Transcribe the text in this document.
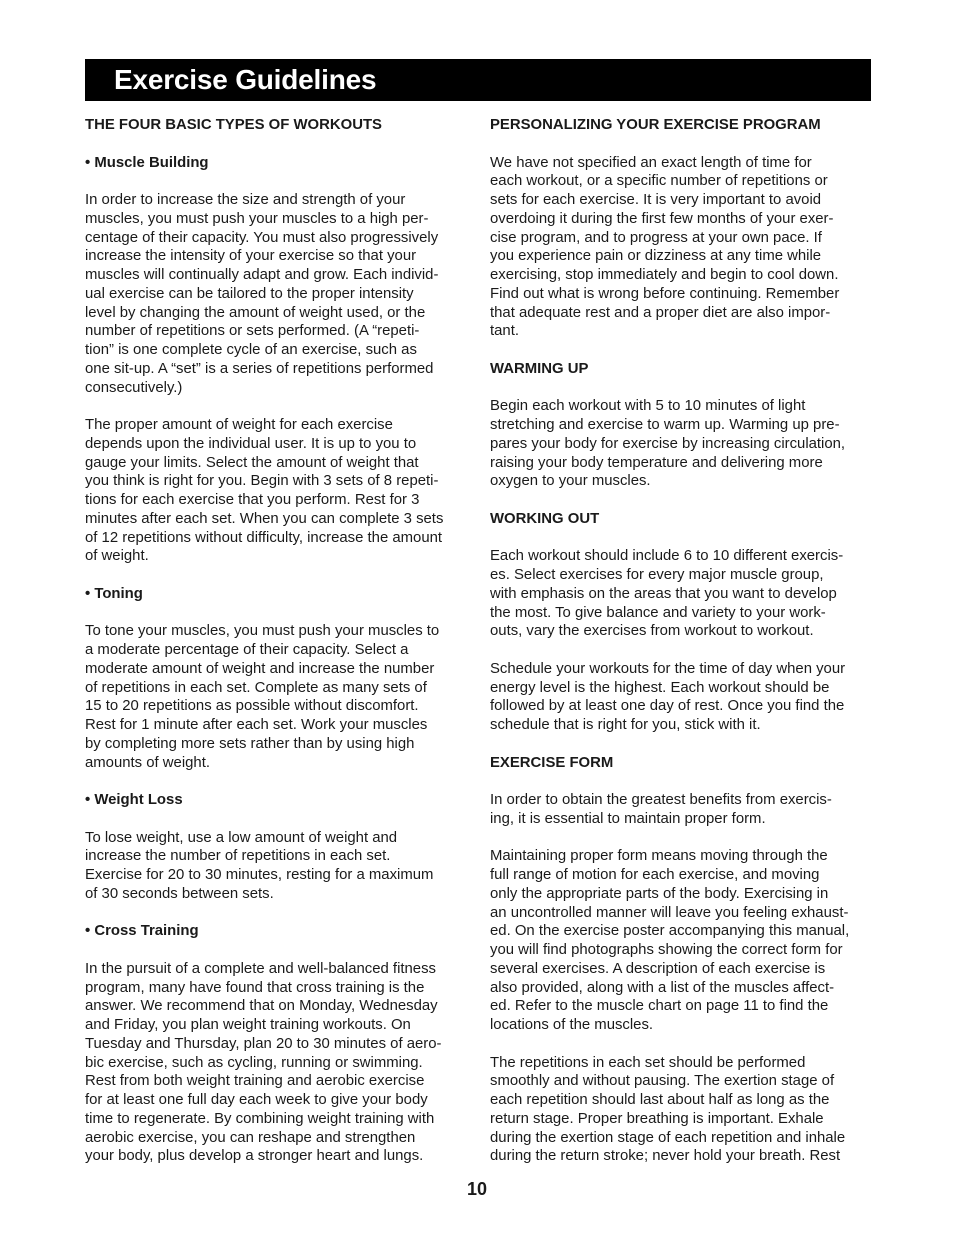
Exercise Guidelines
THE FOUR BASIC TYPES OF WORKOUTS
• Muscle Building

In order to increase the size and strength of your
muscles, you must push your muscles to a high per-
centage of their capacity. You must also progressively
increase the intensity of your exercise so that your
muscles will continually adapt and grow. Each individ-
ual exercise can be tailored to the proper intensity
level by changing the amount of weight used, or the
number of repetitions or sets performed. (A “repeti-
tion” is one complete cycle of an exercise, such as
one sit-up. A “set” is a series of repetitions performed
consecutively.)

The proper amount of weight for each exercise
depends upon the individual user. It is up to you to
gauge your limits. Select the amount of weight that
you think is right for you. Begin with 3 sets of 8 repeti-
tions for each exercise that you perform. Rest for 3
minutes after each set. When you can complete 3 sets
of 12 repetitions without difficulty, increase the amount
of weight.

• Toning

To tone your muscles, you must push your muscles to
a moderate percentage of their capacity. Select a
moderate amount of weight and increase the number
of repetitions in each set. Complete as many sets of
15 to 20 repetitions as possible without discomfort.
Rest for 1 minute after each set. Work your muscles
by completing more sets rather than by using high
amounts of weight.

• Weight Loss

To lose weight, use a low amount of weight and
increase the number of repetitions in each set.
Exercise for 20 to 30 minutes, resting for a maximum
of 30 seconds between sets.

• Cross Training

In the pursuit of a complete and well-balanced fitness
program, many have found that cross training is the
answer. We recommend that on Monday, Wednesday
and Friday, you plan weight training workouts. On
Tuesday and Thursday, plan 20 to 30 minutes of aero-
bic exercise, such as cycling, running or swimming.
Rest from both weight training and aerobic exercise
for at least one full day each week to give your body
time to regenerate. By combining weight training with
aerobic exercise, you can reshape and strengthen
your body, plus develop a stronger heart and lungs.

PERSONALIZING YOUR EXERCISE PROGRAM

We have not specified an exact length of time for
each workout, or a specific number of repetitions or
sets for each exercise. It is very important to avoid
overdoing it during the first few months of your exer-
cise program, and to progress at your own pace. If
you experience pain or dizziness at any time while
exercising, stop immediately and begin to cool down.
Find out what is wrong before continuing. Remember
that adequate rest and a proper diet are also impor-
tant.

WARMING UP

Begin each workout with 5 to 10 minutes of light
stretching and exercise to warm up. Warming up pre-
pares your body for exercise by increasing circulation,
raising your body temperature and delivering more
oxygen to your muscles.

WORKING OUT

Each workout should include 6 to 10 different exercis-
es. Select exercises for every major muscle group,
with emphasis on the areas that you want to develop
the most. To give balance and variety to your work-
outs, vary the exercises from workout to workout.

Schedule your workouts for the time of day when your
energy level is the highest. Each workout should be
followed by at least one day of rest. Once you find the
schedule that is right for you, stick with it.

EXERCISE FORM

In order to obtain the greatest benefits from exercis-
ing, it is essential to maintain proper form.

Maintaining proper form means moving through the
full range of motion for each exercise, and moving
only the appropriate parts of the body. Exercising in
an uncontrolled manner will leave you feeling exhaust-
ed. On the exercise poster accompanying this manual,
you will find photographs showing the correct form for
several exercises. A description of each exercise is
also provided, along with a list of the muscles affect-
ed. Refer to the muscle chart on page 11 to find the
locations of the muscles.

The repetitions in each set should be performed
smoothly and without pausing. The exertion stage of
each repetition should last about half as long as the
return stage. Proper breathing is important. Exhale
during the exertion stage of each repetition and inhale
during the return stroke; never hold your breath. Rest

10
